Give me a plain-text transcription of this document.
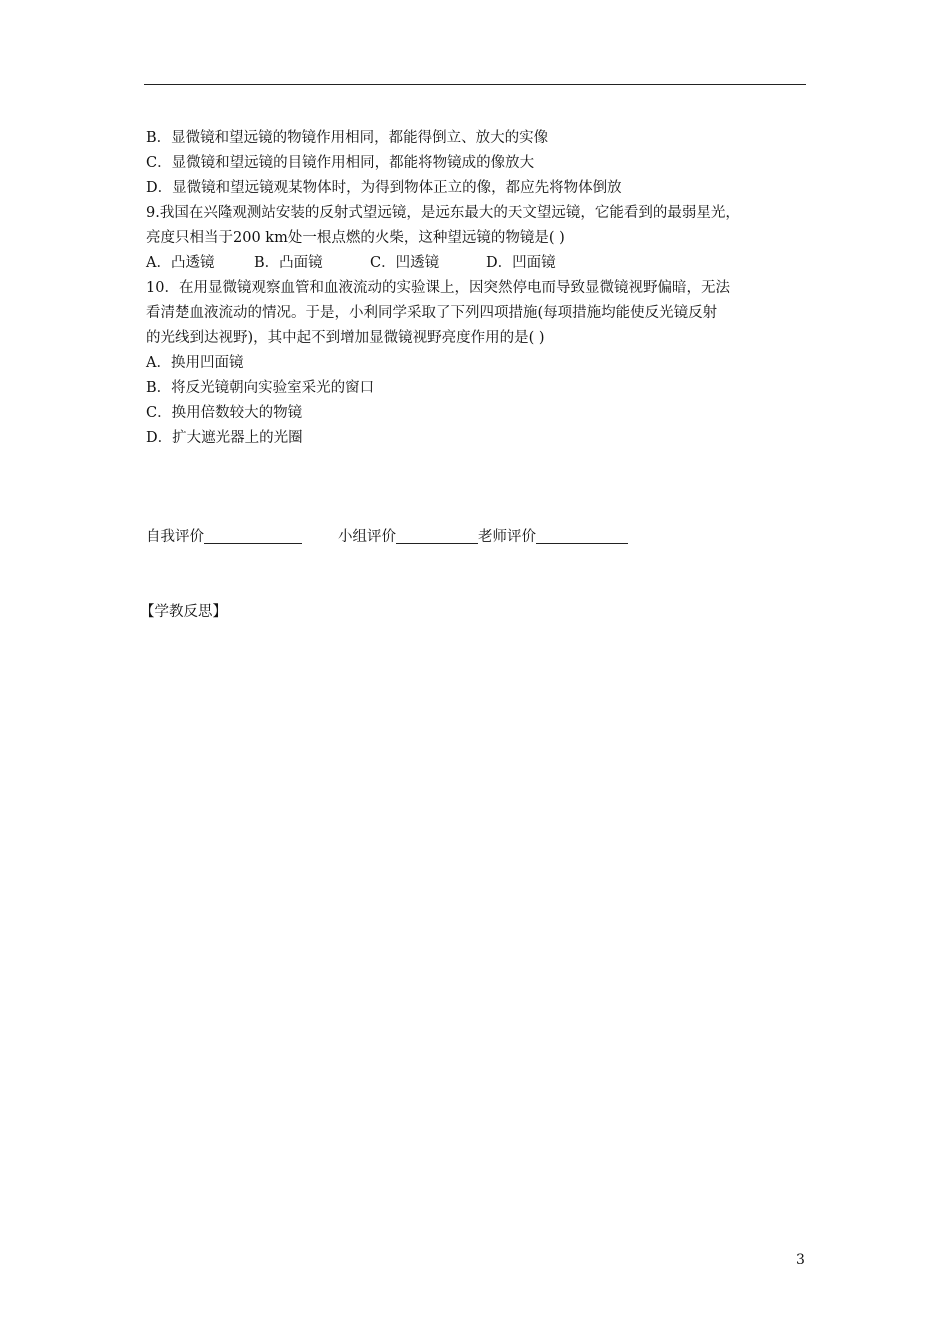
B．显微镜和望远镜的物镜作用相同，都能得倒立、放大的实像
C．显微镜和望远镜的目镜作用相同，都能将物镜成的像放大
D．显微镜和望远镜观某物体时，为得到物体正立的像，都应先将物体倒放
9.我国在兴隆观测站安装的反射式望远镜，是远东最大的天文望远镜，它能看到的最弱星光，
亮度只相当于200 km处一根点燃的火柴，这种望远镜的物镜是( )
A．凸透镜	B．凸面镜	C．凹透镜	D．凹面镜
10．在用显微镜观察血管和血液流动的实验课上，因突然停电而导致显微镜视野偏暗，无法
看清楚血液流动的情况。于是，小利同学采取了下列四项措施(每项措施均能使反光镜反射
的光线到达视野)，其中起不到增加显微镜视野亮度作用的是( )
A．换用凹面镜
B．将反光镜朝向实验室采光的窗口
C．换用倍数较大的物镜
D．扩大遮光器上的光圈
自我评价	小组评价	老师评价
【学教反思】
3
